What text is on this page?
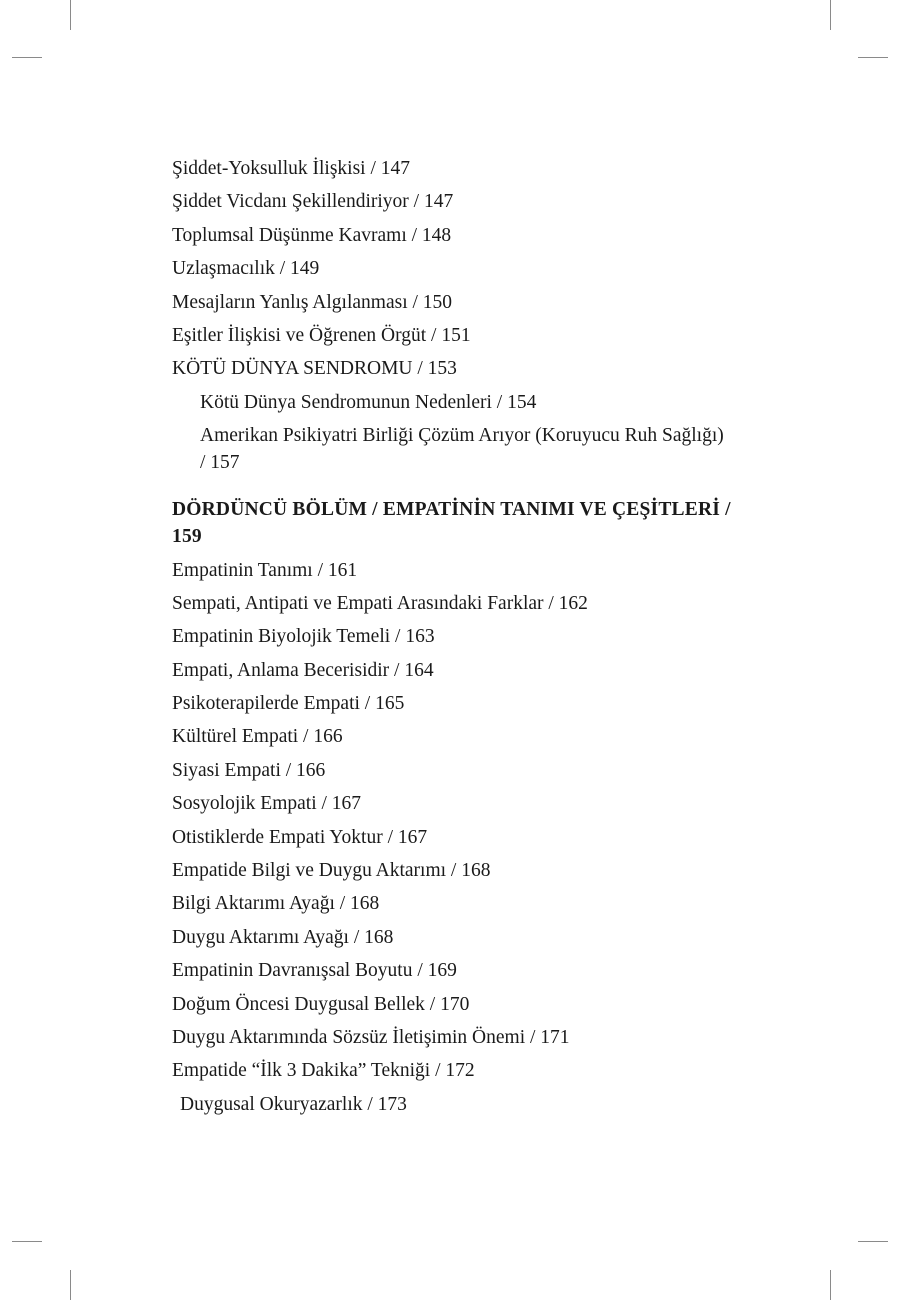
Şiddet-Yoksulluk İlişkisi / 147
Şiddet Vicdanı Şekillendiriyor / 147
Toplumsal Düşünme Kavramı / 148
Uzlaşmacılık / 149
Mesajların Yanlış Algılanması / 150
Eşitler İlişkisi ve Öğrenen Örgüt / 151
KÖTÜ DÜNYA SENDROMU / 153
Kötü Dünya Sendromunun Nedenleri / 154
Amerikan Psikiyatri Birliği Çözüm Arıyor (Koruyucu Ruh Sağlığı) / 157
DÖRDÜNCÜ BÖLÜM / EMPATİNİN TANIMI VE ÇEŞİTLERİ / 159
Empatinin Tanımı / 161
Sempati, Antipati ve Empati Arasındaki Farklar / 162
Empatinin Biyolojik Temeli / 163
Empati, Anlama Becerisidir / 164
Psikoterapilerde Empati / 165
Kültürel Empati / 166
Siyasi Empati / 166
Sosyolojik Empati / 167
Otistiklerde Empati Yoktur / 167
Empatide Bilgi ve Duygu Aktarımı / 168
Bilgi Aktarımı Ayağı / 168
Duygu Aktarımı Ayağı / 168
Empatinin Davranışsal Boyutu / 169
Doğum Öncesi Duygusal Bellek / 170
Duygu Aktarımında Sözsüz İletişimin Önemi / 171
Empatide “İlk 3 Dakika” Tekniği / 172
Duygusal Okuryazarlık / 173
